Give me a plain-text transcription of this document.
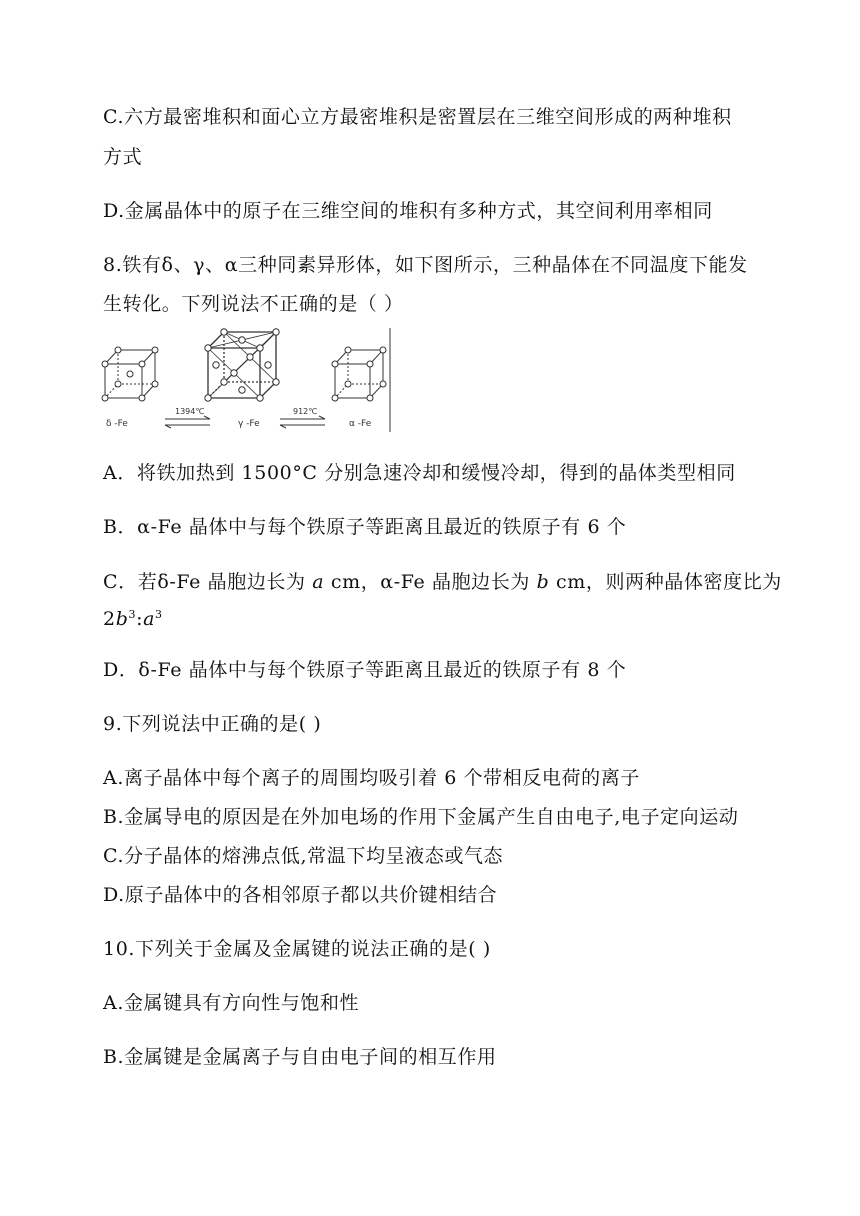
C.六方最密堆积和面心立方最密堆积是密置层在三维空间形成的两种堆积

方式

D.金属晶体中的原子在三维空间的堆积有多种方式，其空间利用率相同

8.铁有δ、γ、α三种同素异形体，如下图所示，三种晶体在不同温度下能发

生转化。下列说法不正确的是（ ）

δ -Fe
1394℃
γ -Fe
912℃
α -Fe

A．将铁加热到 1500°C 分别急速冷却和缓慢冷却，得到的晶体类型相同

B．α-Fe 晶体中与每个铁原子等距离且最近的铁原子有 6 个

C．若δ-Fe 晶胞边长为 a cm，α-Fe 晶胞边长为 b cm，则两种晶体密度比为

$2b^3:a^3$

D．δ-Fe 晶体中与每个铁原子等距离且最近的铁原子有 8 个

9.下列说法中正确的是( )

A.离子晶体中每个离子的周围均吸引着 6 个带相反电荷的离子

B.金属导电的原因是在外加电场的作用下金属产生自由电子,电子定向运动

C.分子晶体的熔沸点低,常温下均呈液态或气态

D.原子晶体中的各相邻原子都以共价键相结合

10.下列关于金属及金属键的说法正确的是( )

A.金属键具有方向性与饱和性

B.金属键是金属离子与自由电子间的相互作用
